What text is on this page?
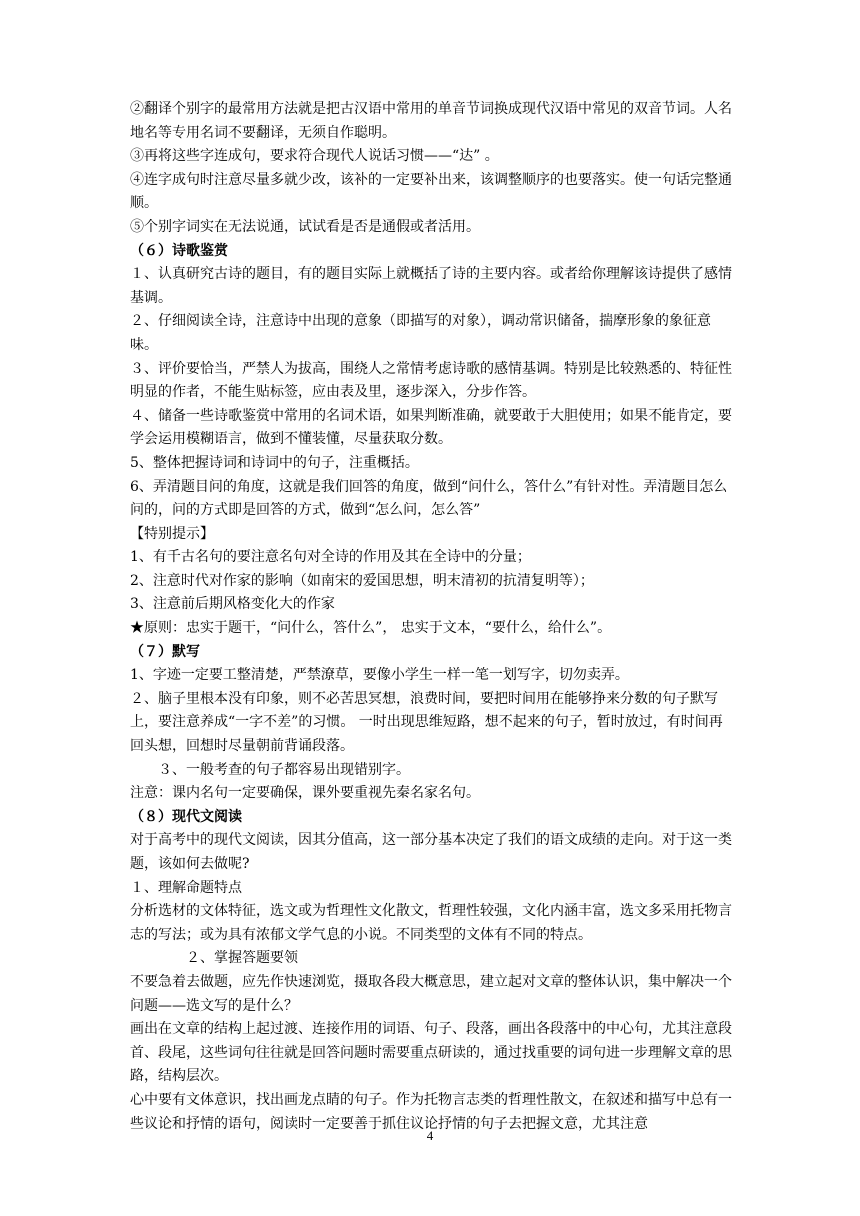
②翻译个别字的最常用方法就是把古汉语中常用的单音节词换成现代汉语中常见的双音节词。人名地名等专用名词不要翻译，无须自作聪明。

③再将这些字连成句，要求符合现代人说话习惯——“达” 。

④连字成句时注意尽量多就少改，该补的一定要补出来，该调整顺序的也要落实。使一句话完整通顺。

⑤个别字词实在无法说通，试试看是否是通假或者活用。

（６）诗歌鉴赏

１、认真研究古诗的题目，有的题目实际上就概括了诗的主要内容。或者给你理解该诗提供了感情基调。

２、仔细阅读全诗，注意诗中出现的意象（即描写的对象），调动常识储备，揣摩形象的象征意味。

３、评价要恰当，严禁人为拔高，围绕人之常情考虑诗歌的感情基调。特别是比较熟悉的、特征性明显的作者，不能生贴标签，应由表及里，逐步深入，分步作答。

４、储备一些诗歌鉴赏中常用的名词术语，如果判断准确，就要敢于大胆使用；如果不能肯定，要学会运用模糊语言，做到不懂装懂，尽量获取分数。

5、整体把握诗词和诗词中的句子，注重概括。

6、弄清题目问的角度，这就是我们回答的角度，做到“问什么，答什么”有针对性。弄清题目怎么问的，问的方式即是回答的方式，做到“怎么问，怎么答”

【特别提示】

1、有千古名句的要注意名句对全诗的作用及其在全诗中的分量；

2、注意时代对作家的影响（如南宋的爱国思想，明末清初的抗清复明等）；

3、注意前后期风格变化大的作家

★原则：忠实于题干，“问什么，答什么”， 忠实于文本，“要什么，给什么”。

（７）默写

1、字迹一定要工整清楚，严禁潦草，要像小学生一样一笔一划写字，切勿卖弄。

２、脑子里根本没有印象，则不必苦思冥想，浪费时间，要把时间用在能够挣来分数的句子默写上，要注意养成“一字不差”的习惯。 一时出现思维短路，想不起来的句子，暂时放过，有时间再回头想，回想时尽量朝前背诵段落。

３、一般考查的句子都容易出现错别字。

注意：课内名句一定要确保，课外要重视先秦名家名句。

（８）现代文阅读

对于高考中的现代文阅读，因其分值高，这一部分基本决定了我们的语文成绩的走向。对于这一类题，该如何去做呢?

１、理解命题特点

分析选材的文体特征，选文或为哲理性文化散文，哲理性较强，文化内涵丰富，选文多采用托物言志的写法；或为具有浓郁文学气息的小说。不同类型的文体有不同的特点。

２、掌握答题要领

不要急着去做题，应先作快速浏览，摄取各段大概意思，建立起对文章的整体认识，集中解决一个问题——选文写的是什么？

画出在文章的结构上起过渡、连接作用的词语、句子、段落，画出各段落中的中心句，尤其注意段首、段尾，这些词句往往就是回答问题时需要重点研读的，通过找重要的词句进一步理解文章的思路，结构层次。

心中要有文体意识，找出画龙点睛的句子。作为托物言志类的哲理性散文，在叙述和描写中总有一些议论和抒情的语句，阅读时一定要善于抓住议论抒情的句子去把握文意，尤其注意

4
